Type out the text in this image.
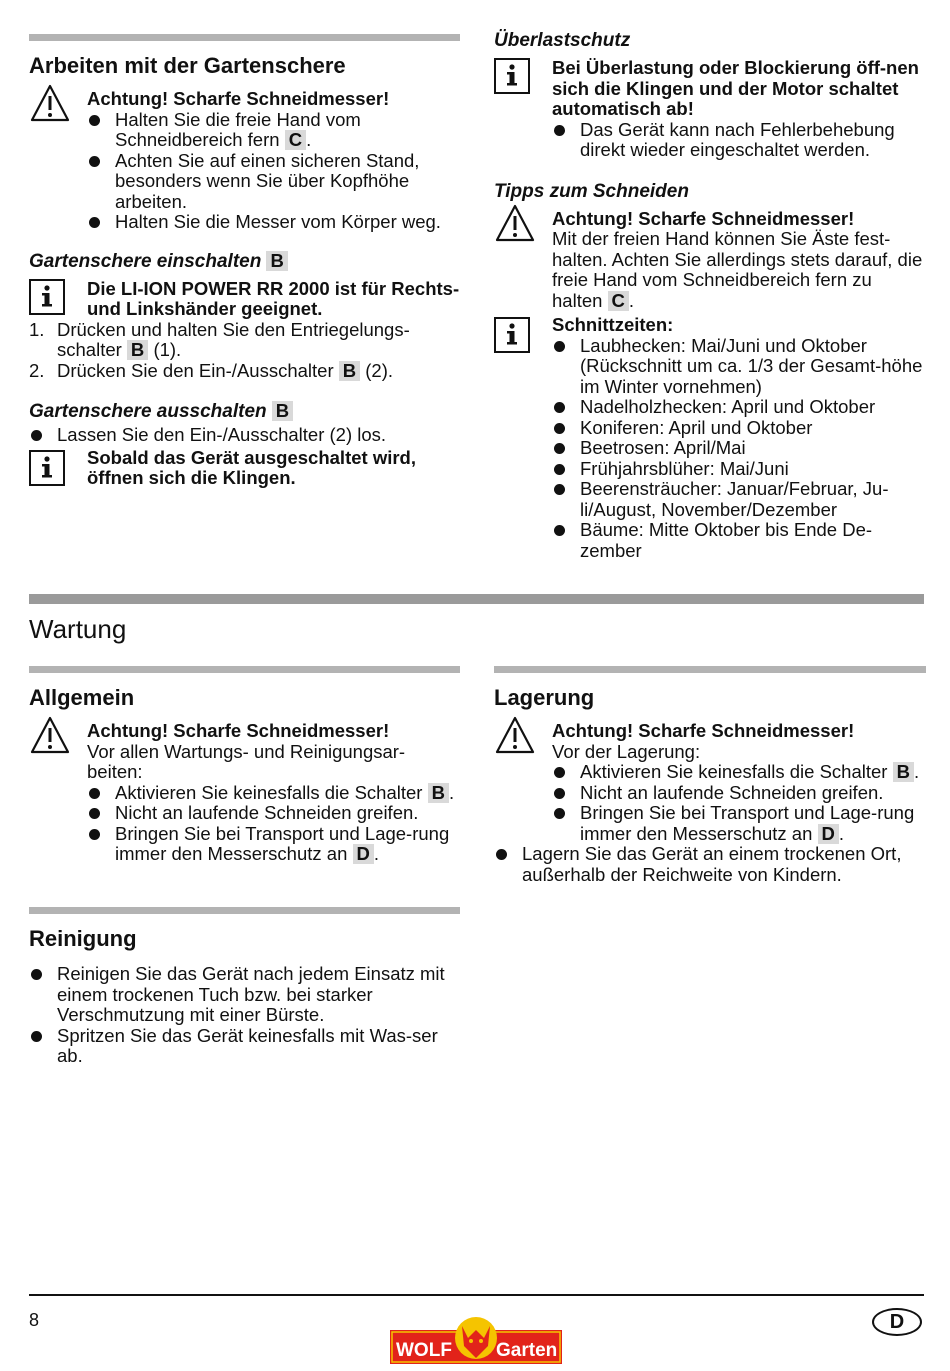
Arbeiten mit der Gartenschere
Achtung! Scharfe Schneidmesser!
Halten Sie die freie Hand vom Schneidbereich fern C .
Achten Sie auf einen sicheren Stand, besonders wenn Sie über Kopfhöhe arbeiten.
Halten Sie die Messer vom Körper weg.
Gartenschere einschalten B
Die LI-ION POWER RR 2000 ist für Rechts- und Linkshänder geeignet.
1. Drücken und halten Sie den Entriegelungs-schalter B (1).
2. Drücken Sie den Ein-/Ausschalter B (2).
Gartenschere ausschalten B
Lassen Sie den Ein-/Ausschalter (2) los.
Sobald das Gerät ausgeschaltet wird, öffnen sich die Klingen.
Überlastschutz
Bei Überlastung oder Blockierung öff-nen sich die Klingen und der Motor schaltet automatisch ab!
Das Gerät kann nach Fehlerbehebung direkt wieder eingeschaltet werden.
Tipps zum Schneiden
Achtung! Scharfe Schneidmesser!
Mit der freien Hand können Sie Äste fest-halten. Achten Sie allerdings stets darauf, die freie Hand vom Schneidbereich fern zu halten C .
Schnittzeiten:
Laubhecken: Mai/Juni und Oktober (Rückschnitt um ca. 1/3 der Gesamt-höhe im Winter vornehmen)
Nadelholzhecken: April und Oktober
Koniferen: April und Oktober
Beetrosen: April/Mai
Frühjahrsblüher: Mai/Juni
Beerensträucher: Januar/Februar, Ju-li/August, November/Dezember
Bäume: Mitte Oktober bis Ende De-zember
Wartung
Allgemein
Achtung! Scharfe Schneidmesser!
Vor allen Wartungs- und Reinigungsar-beiten:
Aktivieren Sie keinesfalls die Schalter B .
Nicht an laufende Schneiden greifen.
Bringen Sie bei Transport und Lage-rung immer den Messerschutz an D .
Reinigung
Reinigen Sie das Gerät nach jedem Einsatz mit einem trockenen Tuch bzw. bei starker Verschmutzung mit einer Bürste.
Spritzen Sie das Gerät keinesfalls mit Was-ser ab.
Lagerung
Achtung! Scharfe Schneidmesser!
Vor der Lagerung:
Aktivieren Sie keinesfalls die Schalter B .
Nicht an laufende Schneiden greifen.
Bringen Sie bei Transport und Lage-rung immer den Messerschutz an D .
Lagern Sie das Gerät an einem trockenen Ort, außerhalb der Reichweite von Kindern.
8
WOLF Garten
D
